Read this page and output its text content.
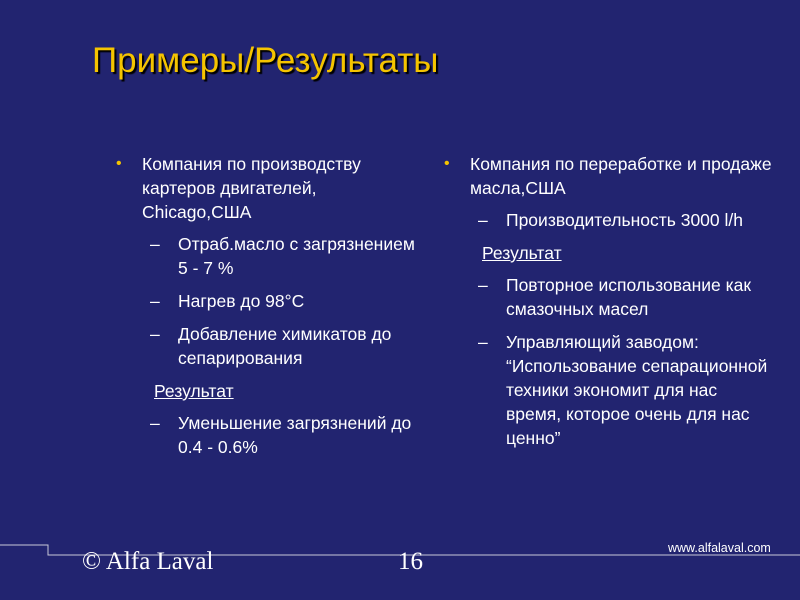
Примеры/Результаты
• Компания по производству картеров двигателей, Chicago,США
– Отраб.масло с загрязнением 5 - 7 %
– Нагрев до 98°C
– Добавление химикатов до сепарирования
Результат
– Уменьшение загрязнений до 0.4 - 0.6%
• Компания по переработке и продаже масла,США
– Производительность 3000 l/h
Результат
– Повторное использование как смазочных масел
– Управляющий заводом: “Использование сепарационной техники экономит для нас время, которое очень для нас ценно”
© Alfa Laval	16	www.alfalaval.com
